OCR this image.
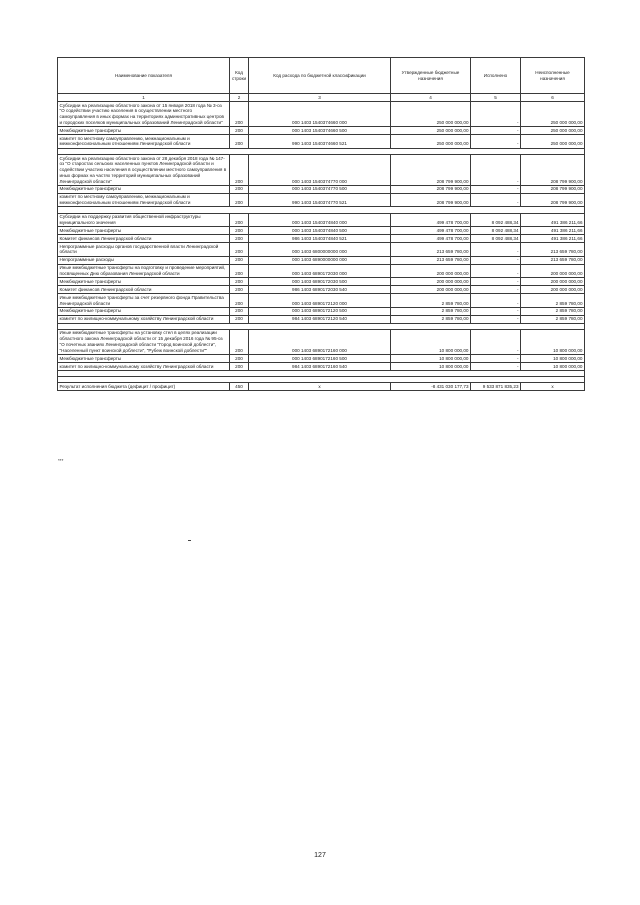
Наименование показателя	Код строки	Код расхода по бюджетной классификации	Утвержденные бюджетные назначения	Исполнено	Неисполненные назначения
1	2	3	4	5	6
Субсидии на реализацию областного закона от 15 января 2018 года № 3-оз "О содействии участию населения в осуществлении местного самоуправления в иных формах на территориях административных центров и городских поселков муниципальных образований Ленинградской области"	200	000 1403 1540374660 000	250 000 000,00	-	250 000 000,00
Межбюджетные трансферты	200	000 1403 1540374660 500	250 000 000,00	-	250 000 000,00
комитет по местному самоуправлению, межнациональным и межконфессиональным отношениям Ленинградской области	200	990 1403 1540374660 521	250 000 000,00	-	250 000 000,00

Субсидии на реализацию областного закона от 28 декабря 2018 года № 147-оз "О старостах сельских населенных пунктов Ленинградской области и содействии участию населения в осуществлении местного самоуправления в иных формах на частях территорий муниципальных образований Ленинградской области"	200	000 1403 1540374770 000	208 799 900,00	-	208 799 900,00
Межбюджетные трансферты	200	000 1403 1540374770 500	208 799 900,00	-	208 799 900,00
комитет по местному самоуправлению, межнациональным и межконфессиональным отношениям Ленинградской области	200	990 1403 1540374770 521	208 799 900,00	-	208 799 900,00

Субсидии на поддержку развития общественной инфраструктуры муниципального значения	200	000 1403 1540374840 000	499 478 700,00	8 092 488,34	491 386 211,66
Межбюджетные трансферты	200	000 1403 1540374840 500	499 478 700,00	8 092 488,34	491 386 211,66
Комитет финансов Ленинградской области	200	986 1403 1540374840 521	499 478 700,00	8 092 488,34	491 386 211,66
Непрограммные расходы органов государственной власти Ленинградской области	200	000 1403 6800000000 000	213 659 780,00	-	213 659 780,00
Непрограммные расходы	200	000 1403 6890000000 000	213 659 780,00	-	213 659 780,00
Иные межбюджетные трансферты на подготовку и проведение мероприятий, посвященных Дню образования Ленинградской области	200	000 1403 6890172030 000	200 000 000,00	-	200 000 000,00
Межбюджетные трансферты	200	000 1403 6890172030 500	200 000 000,00	-	200 000 000,00
Комитет финансов Ленинградской области	200	986 1403 6890172030 540	200 000 000,00	-	200 000 000,00
Иные межбюджетные трансферты за счет резервного фонда Правительства Ленинградской области	200	000 1403 6890172120 000	2 859 780,00	-	2 859 780,00
Межбюджетные трансферты	200	000 1403 6890172120 500	2 859 780,00	-	2 859 780,00
комитет по жилищно-коммунальному хозяйству Ленинградской области	200	984 1403 6890172120 540	2 859 780,00	-	2 859 780,00

Иные межбюджетные трансферты на установку стел в целях реализации областного закона Ленинградской области от 15 декабря 2016 года № 95-оз "О почетных званиях Ленинградской области "Город воинской доблести", "Населенный пункт воинской доблести", "Рубеж воинской доблести""	200	000 1403 6890172160 000	10 800 000,00	-	10 800 000,00
Межбюджетные трансферты	200	000 1403 6890172160 500	10 800 000,00	-	10 800 000,00
комитет по жилищно-коммунальному хозяйству Ленинградской области	200	984 1403 6890172160 540	10 800 000,00	-	10 800 000,00

Результат исполнения бюджета (дефицит / профицит)	450	x	-8 431 030 177,73	9 533 871 835,23	x
***
127
